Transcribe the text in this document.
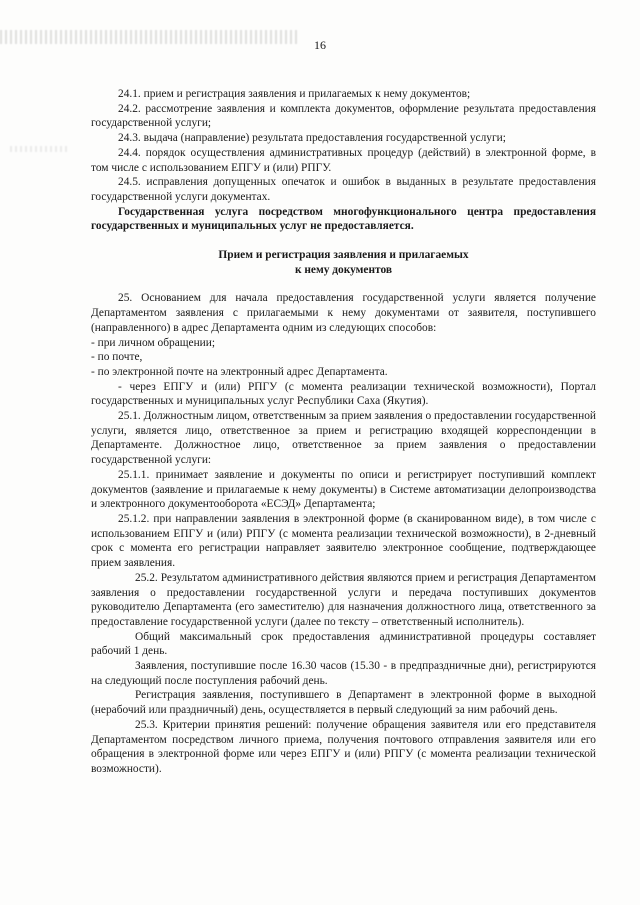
16

24.1. прием и регистрация заявления и прилагаемых к нему документов;

24.2. рассмотрение заявления и комплекта документов, оформление результата предоставления государственной услуги;

24.3. выдача (направление) результата предоставления государственной услуги;

24.4. порядок осуществления административных процедур (действий) в электронной форме, в том числе с использованием ЕПГУ и (или) РПГУ.

24.5. исправления допущенных опечаток и ошибок в выданных в результате предоставления государственной услуги документах.

Государственная услуга посредством многофункционального центра предоставления государственных и муниципальных услуг не предоставляется.

Прием и регистрация заявления и прилагаемых
к нему документов

25. Основанием для начала предоставления государственной услуги является получение Департаментом заявления с прилагаемыми к нему документами от заявителя, поступившего (направленного) в адрес Департамента одним из следующих способов:

- при личном обращении;

- по почте,

- по электронной почте на электронный адрес Департамента.

- через ЕПГУ и (или) РПГУ (с момента реализации технической возможности), Портал государственных и муниципальных услуг Республики Саха (Якутия).

25.1. Должностным лицом, ответственным за прием заявления о предоставлении государственной услуги, является лицо, ответственное за прием и регистрацию входящей корреспонденции в Департаменте. Должностное лицо, ответственное за прием заявления о предоставлении государственной услуги:

25.1.1. принимает заявление и документы по описи и регистрирует поступивший комплект документов (заявление и прилагаемые к нему документы) в Системе автоматизации делопроизводства и электронного документооборота «ЕСЭД» Департамента;

25.1.2. при направлении заявления в электронной форме (в сканированном виде), в том числе с использованием ЕПГУ и (или) РПГУ (с момента реализации технической возможности), в 2-дневный срок с момента его регистрации направляет заявителю электронное сообщение, подтверждающее прием заявления.

25.2. Результатом административного действия являются прием и регистрация Департаментом заявления о предоставлении государственной услуги и передача поступивших документов руководителю Департамента (его заместителю) для назначения должностного лица, ответственного за предоставление государственной услуги (далее по тексту – ответственный исполнитель).

Общий максимальный срок предоставления административной процедуры составляет рабочий 1 день.

Заявления, поступившие после 16.30 часов (15.30 - в предпраздничные дни), регистрируются на следующий после поступления рабочий день.

Регистрация заявления, поступившего в Департамент в электронной форме в выходной (нерабочий или праздничный) день, осуществляется в первый следующий за ним рабочий день.

25.3. Критерии принятия решений: получение обращения заявителя или его представителя Департаментом посредством личного приема, получения почтового отправления заявителя или его обращения в электронной форме или через ЕПГУ и (или) РПГУ (с момента реализации технической возможности).
